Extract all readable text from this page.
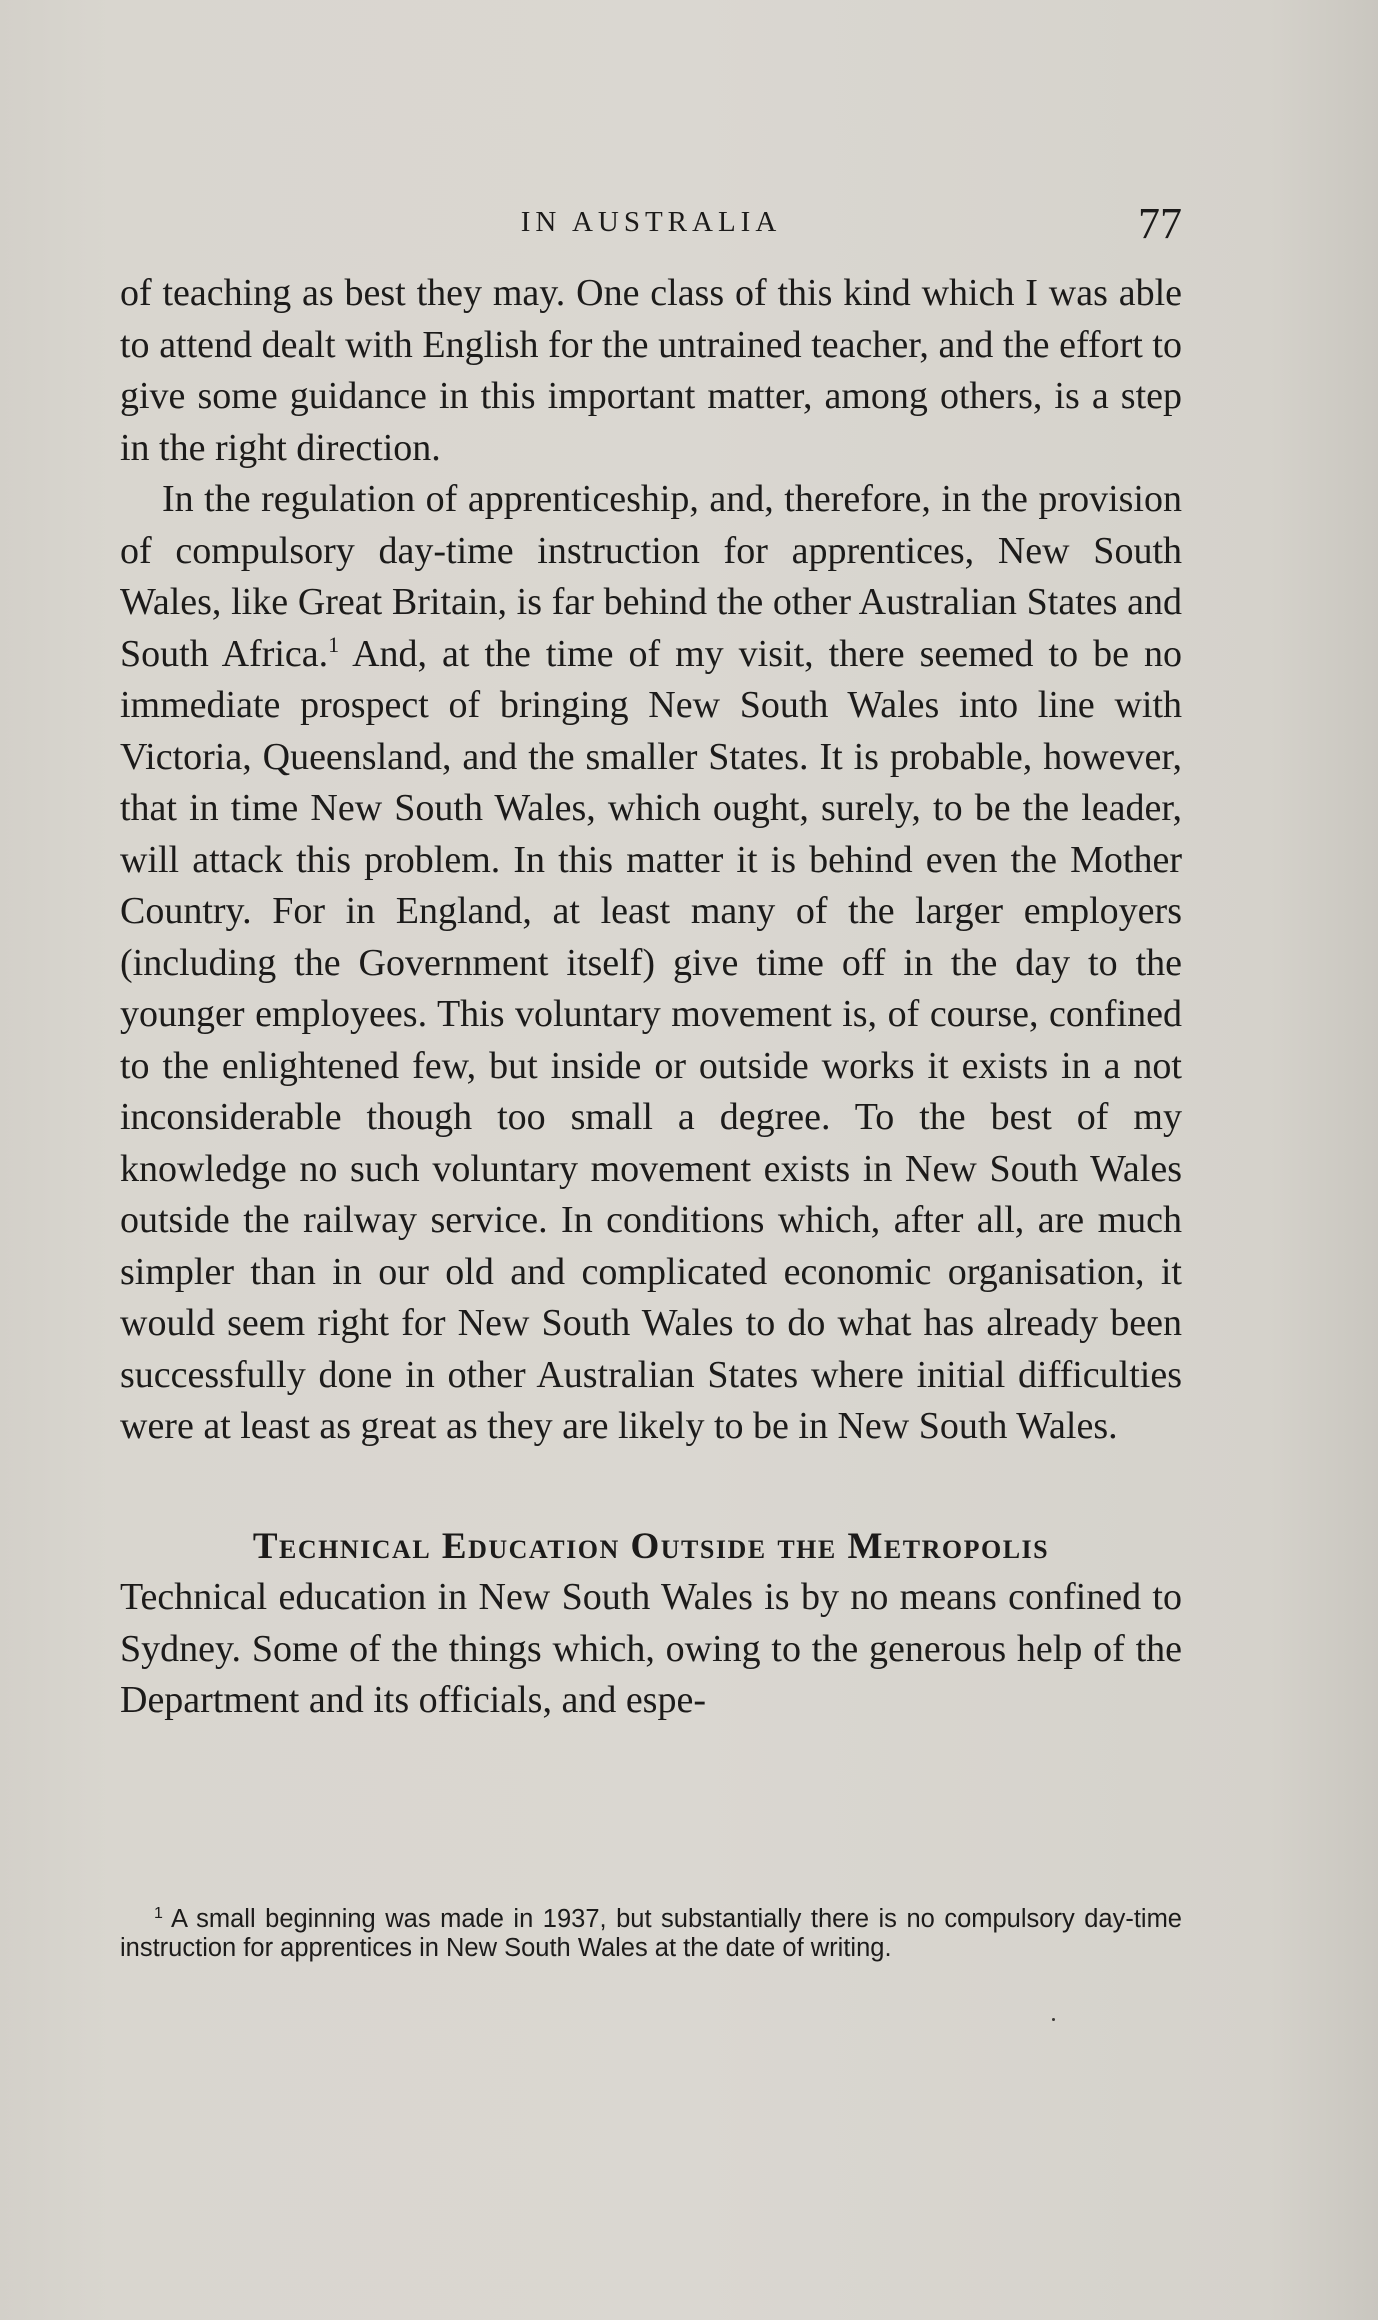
IN AUSTRALIA	77

of teaching as best they may. One class of this kind which I was able to attend dealt with English for the untrained teacher, and the effort to give some guidance in this important matter, among others, is a step in the right direction.

In the regulation of apprenticeship, and, therefore, in the provision of compulsory day-time instruction for apprentices, New South Wales, like Great Britain, is far behind the other Australian States and South Africa.$^1$ And, at the time of my visit, there seemed to be no immediate prospect of bringing New South Wales into line with Victoria, Queensland, and the smaller States. It is probable, however, that in time New South Wales, which ought, surely, to be the leader, will attack this problem. In this matter it is behind even the Mother Country. For in England, at least many of the larger employers (including the Government itself) give time off in the day to the younger employees. This voluntary movement is, of course, confined to the enlightened few, but inside or outside works it exists in a not inconsiderable though too small a degree. To the best of my knowledge no such voluntary movement exists in New South Wales outside the railway service. In conditions which, after all, are much simpler than in our old and complicated economic organisation, it would seem right for New South Wales to do what has already been successfully done in other Australian States where initial difficulties were at least as great as they are likely to be in New South Wales.

Technical Education Outside the Metropolis

Technical education in New South Wales is by no means confined to Sydney. Some of the things which, owing to the generous help of the Department and its officials, and espe-

$^1$ A small beginning was made in 1937, but substantially there is no compulsory day-time instruction for apprentices in New South Wales at the date of writing.
